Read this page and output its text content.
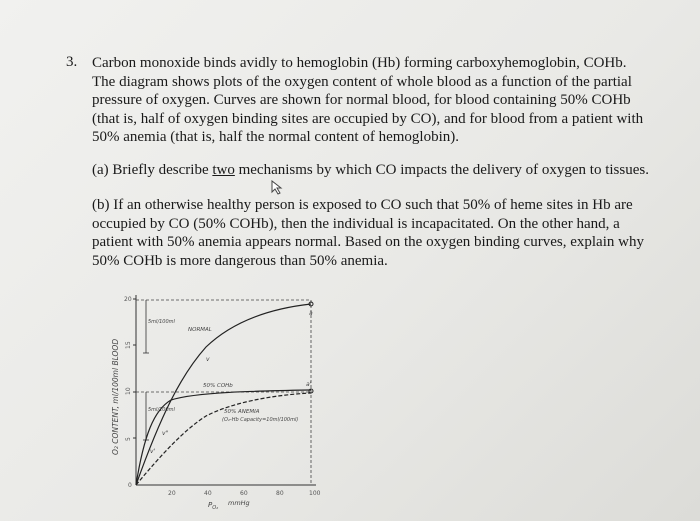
3. Carbon monoxide binds avidly to hemoglobin (Hb) forming carboxyhemoglobin, COHb.
The diagram shows plots of the oxygen content of whole blood as a function of the partial
pressure of oxygen. Curves are shown for normal blood, for blood containing 50% COHb
(that is, half of oxygen binding sites are occupied by CO), and for blood from a patient with
50% anemia (that is, half the normal content of hemoglobin).
(a) Briefly describe two mechanisms by which CO impacts the delivery of oxygen to tissues.
(b) If an otherwise healthy person is exposed to CO such that 50% of heme sites in Hb are
occupied by CO (50% COHb), then the individual is incapacitated. On the other hand, a
patient with 50% anemia appears normal. Based on the oxygen binding curves, explain why
50% COHb is more dangerous than 50% anemia.
O₂ CONTENT, ml/100ml BLOOD
20
15
10
5
0
20	40	60	80	100
$P_{O_2}$
mmHg
5ml/100ml
5ml/100ml
a
a'
v
v'
v"
NORMAL
50% COHb
50% ANEMIA
(O₂-Hb Capacity=10ml/100ml)
